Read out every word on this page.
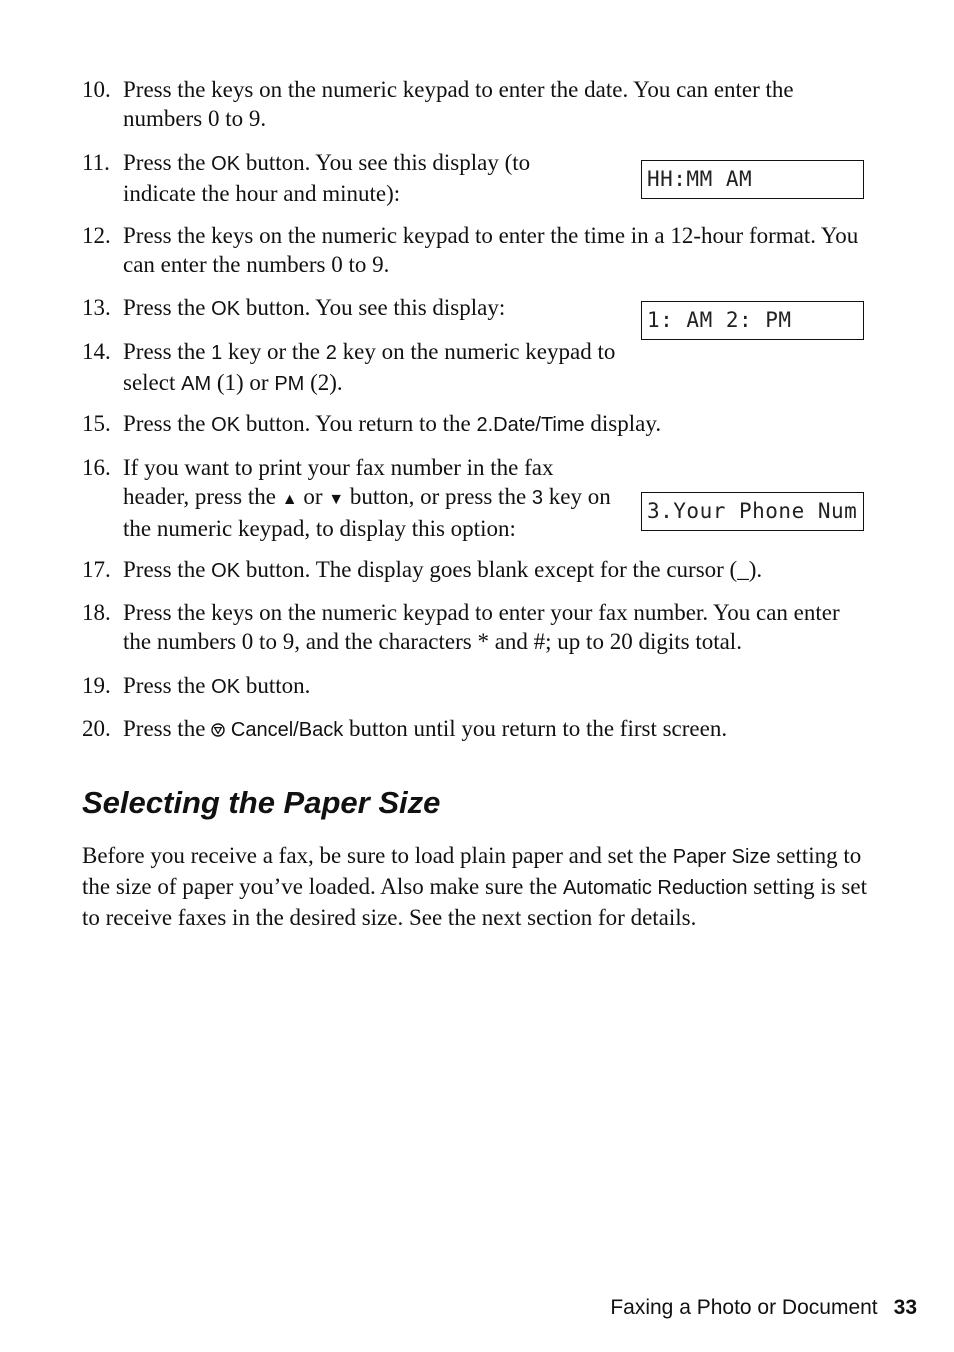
10. Press the keys on the numeric keypad to enter the date. You can enter the numbers 0 to 9.
11. Press the OK button. You see this display (to indicate the hour and minute):
HH:MM AM
12. Press the keys on the numeric keypad to enter the time in a 12-hour format. You can enter the numbers 0 to 9.
13. Press the OK button. You see this display:	1: AM 2: PM
14. Press the 1 key or the 2 key on the numeric keypad to select AM (1) or PM (2).
15. Press the OK button. You return to the 2.Date/Time display.
16. If you want to print your fax number in the fax header, press the ▲ or ▼ button, or press the 3 key on the numeric keypad, to display this option:
3.Your Phone Num
17. Press the OK button. The display goes blank except for the cursor (_).
18. Press the keys on the numeric keypad to enter your fax number. You can enter the numbers 0 to 9, and the characters * and #; up to 20 digits total.
19. Press the OK button.
20. Press the  Cancel/Back button until you return to the first screen.
Selecting the Paper Size
Before you receive a fax, be sure to load plain paper and set the Paper Size setting to the size of paper you’ve loaded. Also make sure the Automatic Reduction setting is set to receive faxes in the desired size. See the next section for details.
Faxing a Photo or Document 33
